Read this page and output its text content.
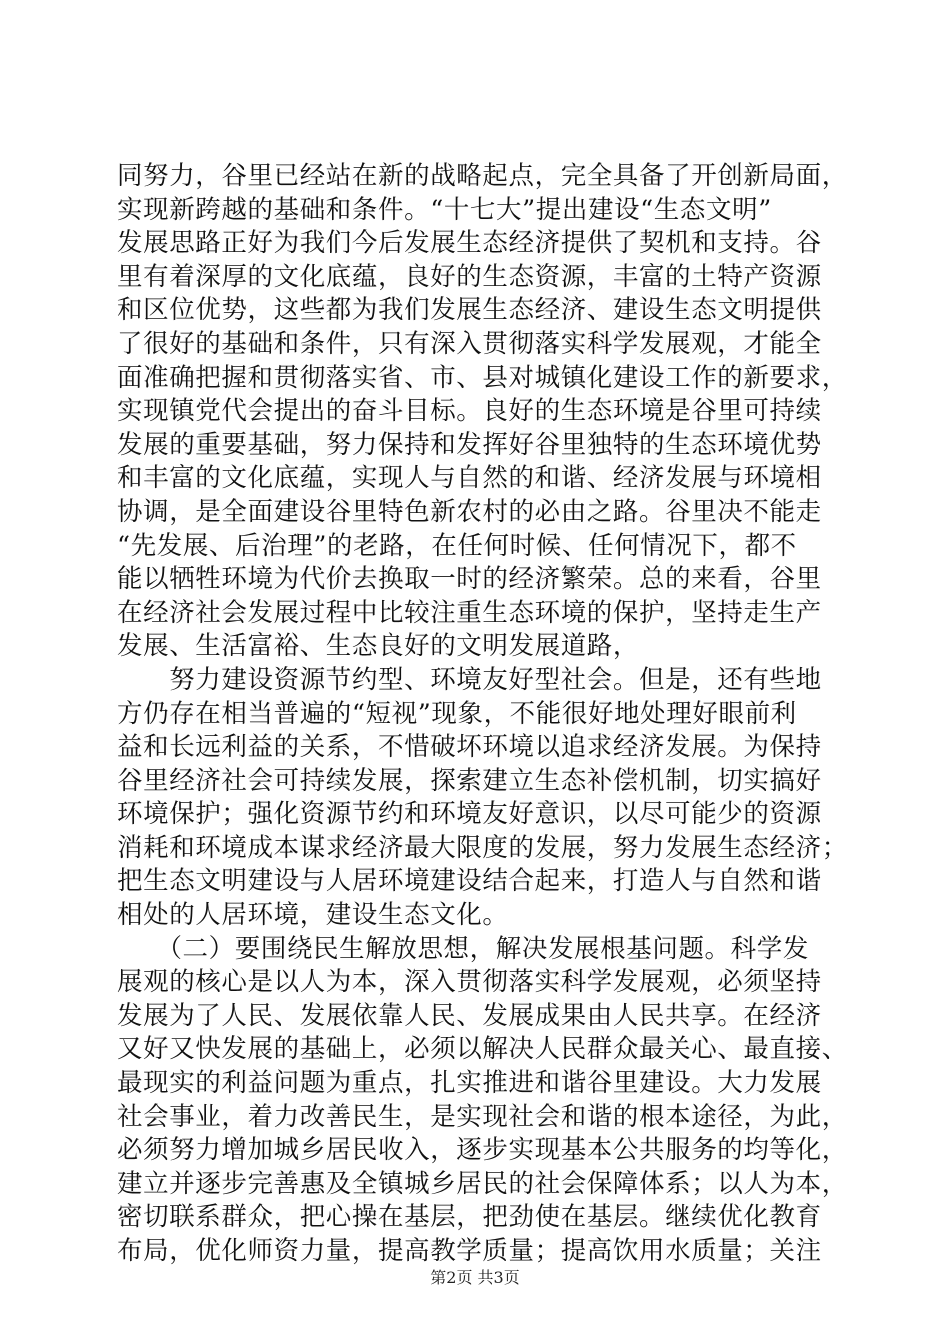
同努力，谷里已经站在新的战略起点，完全具备了开创新局面，
实现新跨越的基础和条件。“十七大”提出建设“生态文明”
发展思路正好为我们今后发展生态经济提供了契机和支持。谷
里有着深厚的文化底蕴，良好的生态资源，丰富的土特产资源
和区位优势，这些都为我们发展生态经济、建设生态文明提供
了很好的基础和条件，只有深入贯彻落实科学发展观，才能全
面准确把握和贯彻落实省、市、县对城镇化建设工作的新要求，
实现镇党代会提出的奋斗目标。良好的生态环境是谷里可持续
发展的重要基础，努力保持和发挥好谷里独特的生态环境优势
和丰富的文化底蕴，实现人与自然的和谐、经济发展与环境相
协调，是全面建设谷里特色新农村的必由之路。谷里决不能走
“先发展、后治理”的老路，在任何时候、任何情况下，都不
能以牺牲环境为代价去换取一时的经济繁荣。总的来看，谷里
在经济社会发展过程中比较注重生态环境的保护，坚持走生产
发展、生活富裕、生态良好的文明发展道路，
　　努力建设资源节约型、环境友好型社会。但是，还有些地
方仍存在相当普遍的“短视”现象，不能很好地处理好眼前利
益和长远利益的关系，不惜破坏环境以追求经济发展。为保持
谷里经济社会可持续发展，探索建立生态补偿机制，切实搞好
环境保护；强化资源节约和环境友好意识，以尽可能少的资源
消耗和环境成本谋求经济最大限度的发展，努力发展生态经济；
把生态文明建设与人居环境建设结合起来，打造人与自然和谐
相处的人居环境，建设生态文化。
　　（二）要围绕民生解放思想，解决发展根基问题。科学发
展观的核心是以人为本，深入贯彻落实科学发展观，必须坚持
发展为了人民、发展依靠人民、发展成果由人民共享。在经济
又好又快发展的基础上，必须以解决人民群众最关心、最直接、
最现实的利益问题为重点，扎实推进和谐谷里建设。大力发展
社会事业，着力改善民生，是实现社会和谐的根本途径，为此，
必须努力增加城乡居民收入，逐步实现基本公共服务的均等化，
建立并逐步完善惠及全镇城乡居民的社会保障体系；以人为本，
密切联系群众，把心操在基层，把劲使在基层。继续优化教育
布局，优化师资力量，提高教学质量；提高饮用水质量；关注
第2页 共3页
